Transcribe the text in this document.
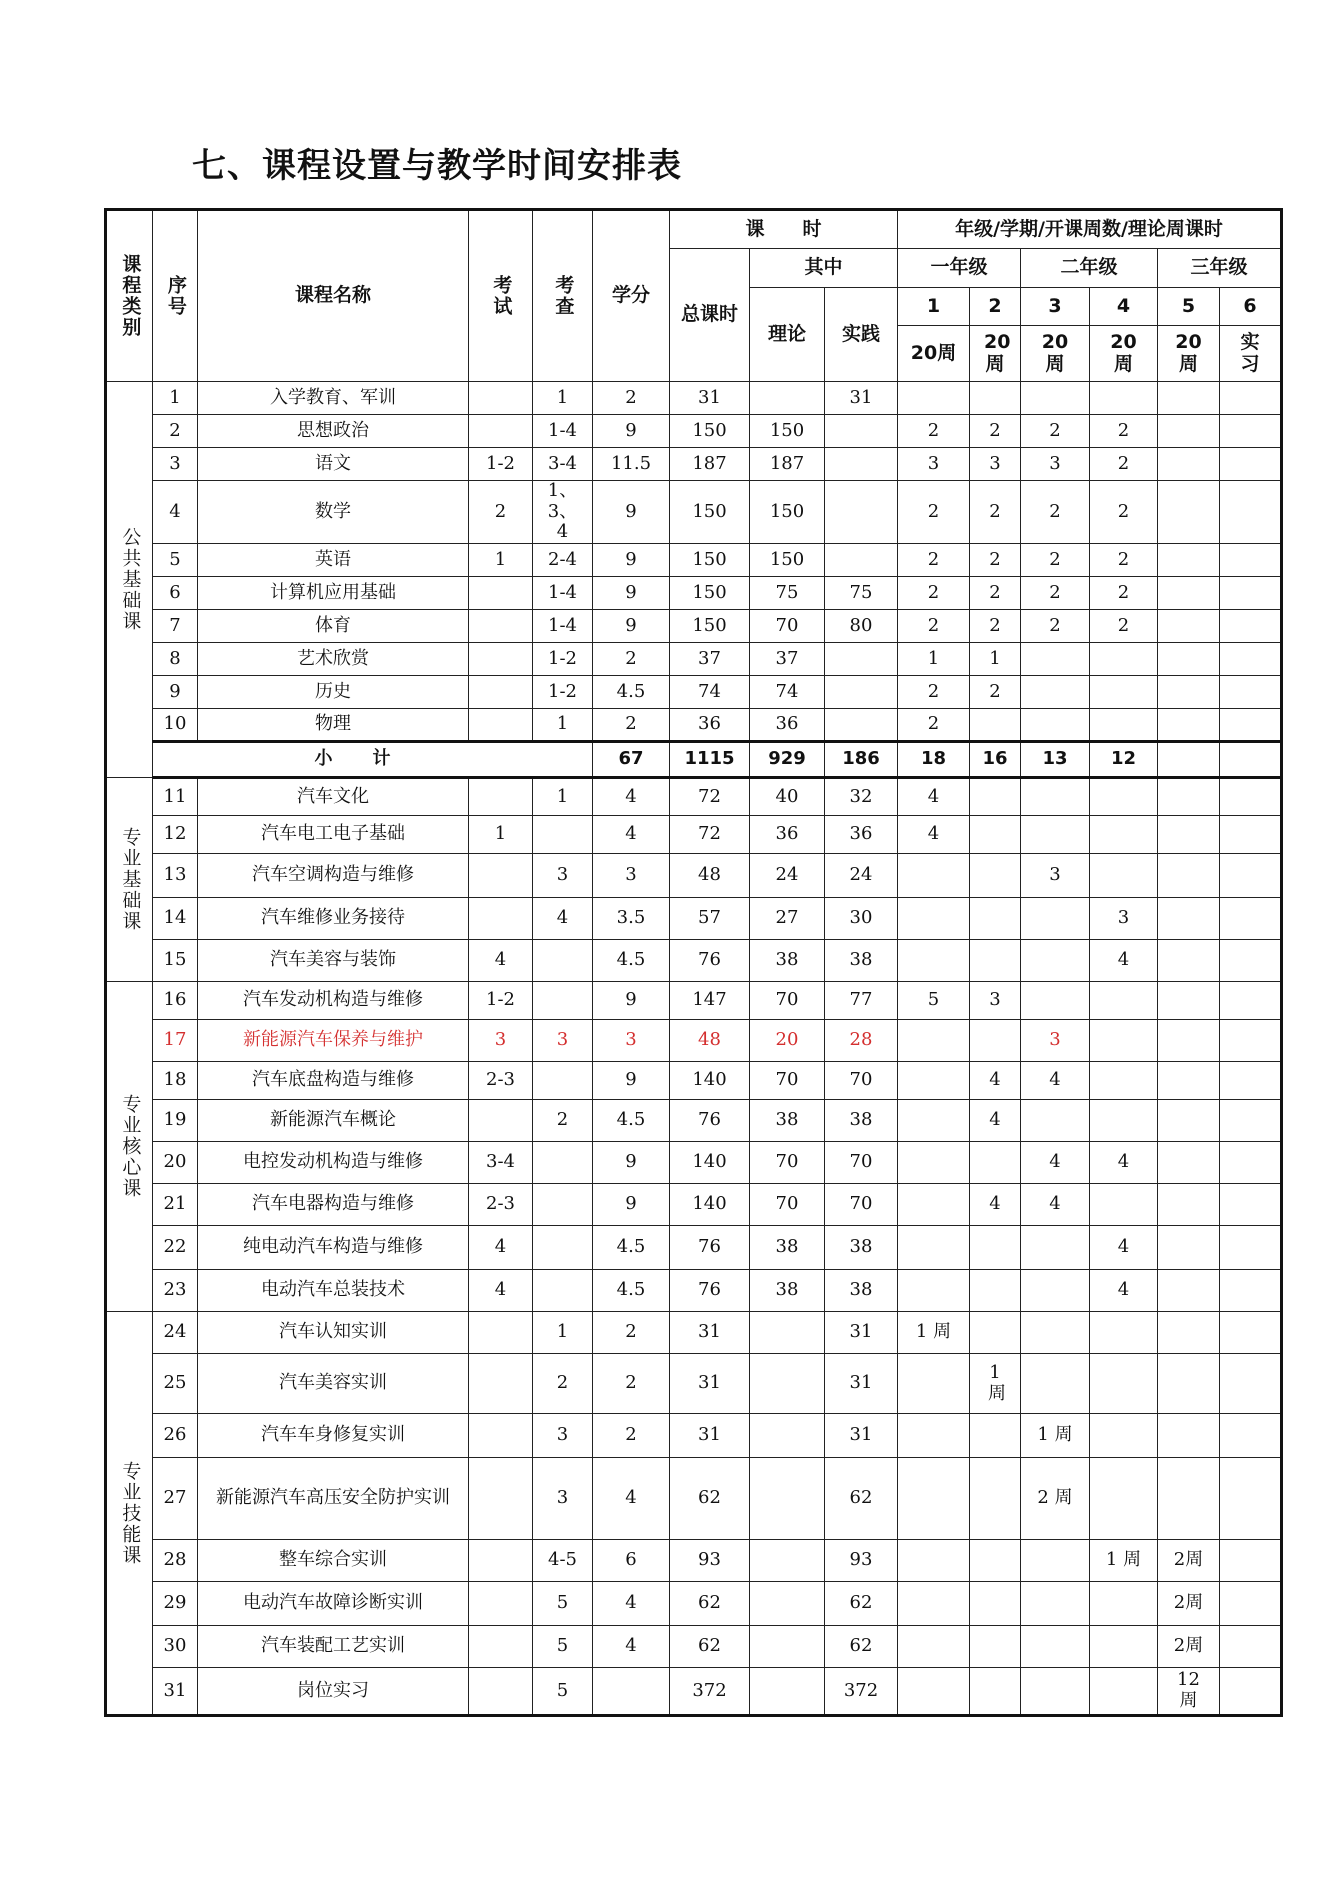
七、课程设置与教学时间安排表
课程类别	序号	课程名称	考试	考查	学分	课　　时			年级/学期/开课周数/理论周课时					
						总课时	其中		一年级		二年级		三年级	
							理论	实践	1	2	3	4	5	6
									20周	20周	20周	20周	20周	实习
公共基础课	1	入学教育、军训		1	2	31		31						
	2	思想政治		1-4	9	150	150		2	2	2	2		
	3	语文	1-2	3-4	11.5	187	187		3	3	3	2		
	4	数学	2	1、3、4	9	150	150		2	2	2	2		
	5	英语	1	2-4	9	150	150		2	2	2	2		
	6	计算机应用基础		1-4	9	150	75	75	2	2	2	2		
	7	体育		1-4	9	150	70	80	2	2	2	2		
	8	艺术欣赏		1-2	2	37	37		1	1				
	9	历史		1-2	4.5	74	74		2	2				
	10	物理		1	2	36	36		2					
	小计				67	1115	929	186	18	16	13	12		
专业基础课	11	汽车文化		1	4	72	40	32	4					
	12	汽车电工电子基础	1		4	72	36	36	4					
	13	汽车空调构造与维修		3	3	48	24	24			3			
	14	汽车维修业务接待		4	3.5	57	27	30				3		
	15	汽车美容与装饰	4		4.5	76	38	38				4		
专业核心课	16	汽车发动机构造与维修	1-2		9	147	70	77	5	3				
	17	新能源汽车保养与维护	3	3	3	48	20	28			3			
	18	汽车底盘构造与维修	2-3		9	140	70	70		4	4			
	19	新能源汽车概论		2	4.5	76	38	38		4				
	20	电控发动机构造与维修	3-4		9	140	70	70			4	4		
	21	汽车电器构造与维修	2-3		9	140	70	70		4	4			
	22	纯电动汽车构造与维修	4		4.5	76	38	38				4		
	23	电动汽车总装技术	4		4.5	76	38	38				4		
专业技能课	24	汽车认知实训		1	2	31		31	1 周					
	25	汽车美容实训		2	2	31		31		1周				
	26	汽车车身修复实训		3	2	31		31			1 周			
	27	新能源汽车高压安全防护实训		3	4	62		62			2 周			
	28	整车综合实训		4-5	6	93		93				1 周	2周	
	29	电动汽车故障诊断实训		5	4	62		62					2周	
	30	汽车装配工艺实训		5	4	62		62					2周	
	31	岗位实习		5		372		372					12周	
